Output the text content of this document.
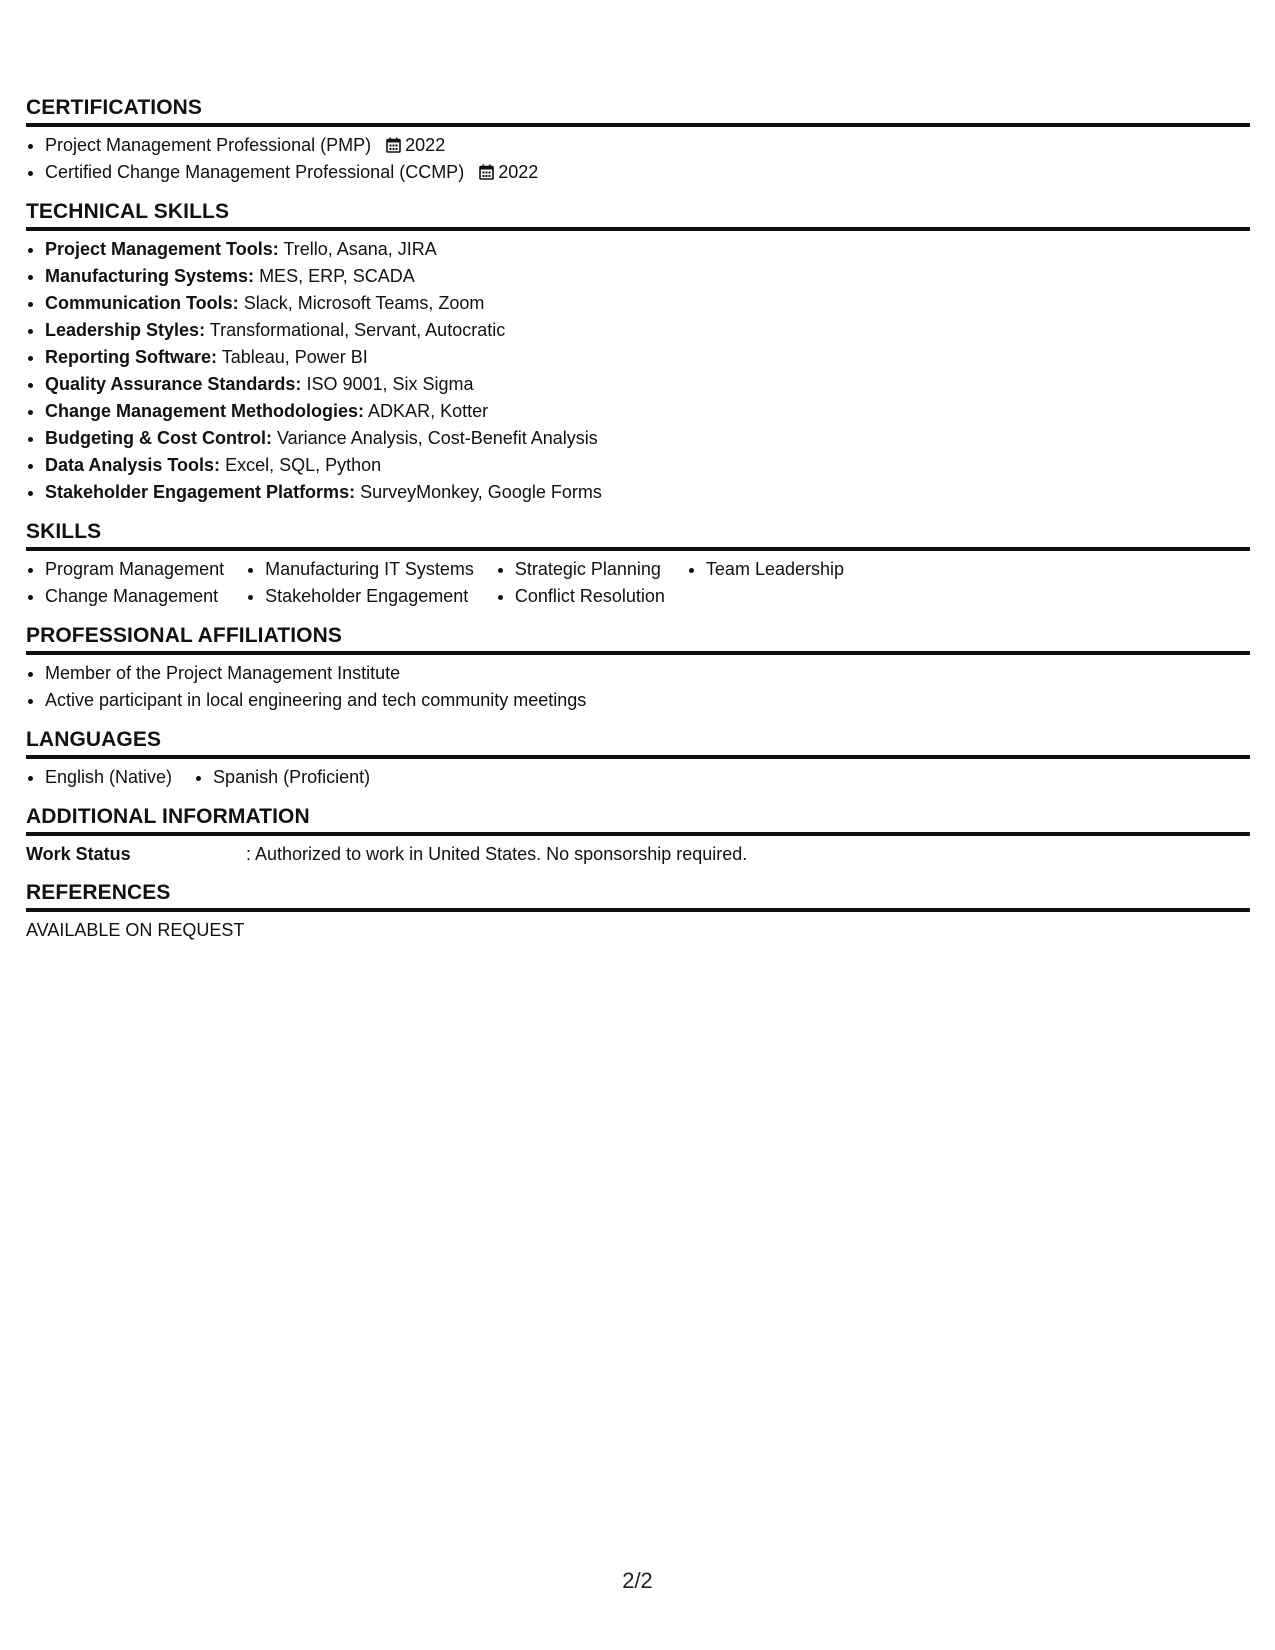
CERTIFICATIONS
• Project Management Professional (PMP) 2022
• Certified Change Management Professional (CCMP) 2022
TECHNICAL SKILLS
• Project Management Tools: Trello, Asana, JIRA
• Manufacturing Systems: MES, ERP, SCADA
• Communication Tools: Slack, Microsoft Teams, Zoom
• Leadership Styles: Transformational, Servant, Autocratic
• Reporting Software: Tableau, Power BI
• Quality Assurance Standards: ISO 9001, Six Sigma
• Change Management Methodologies: ADKAR, Kotter
• Budgeting & Cost Control: Variance Analysis, Cost-Benefit Analysis
• Data Analysis Tools: Excel, SQL, Python
• Stakeholder Engagement Platforms: SurveyMonkey, Google Forms
SKILLS
• Program Management
• Change Management
• Manufacturing IT Systems
• Stakeholder Engagement
• Strategic Planning
• Conflict Resolution
• Team Leadership
PROFESSIONAL AFFILIATIONS
• Member of the Project Management Institute
• Active participant in local engineering and tech community meetings
LANGUAGES
• English (Native)
• Spanish (Proficient)
ADDITIONAL INFORMATION
Work Status	: Authorized to work in United States. No sponsorship required.
REFERENCES
AVAILABLE ON REQUEST
2/2
